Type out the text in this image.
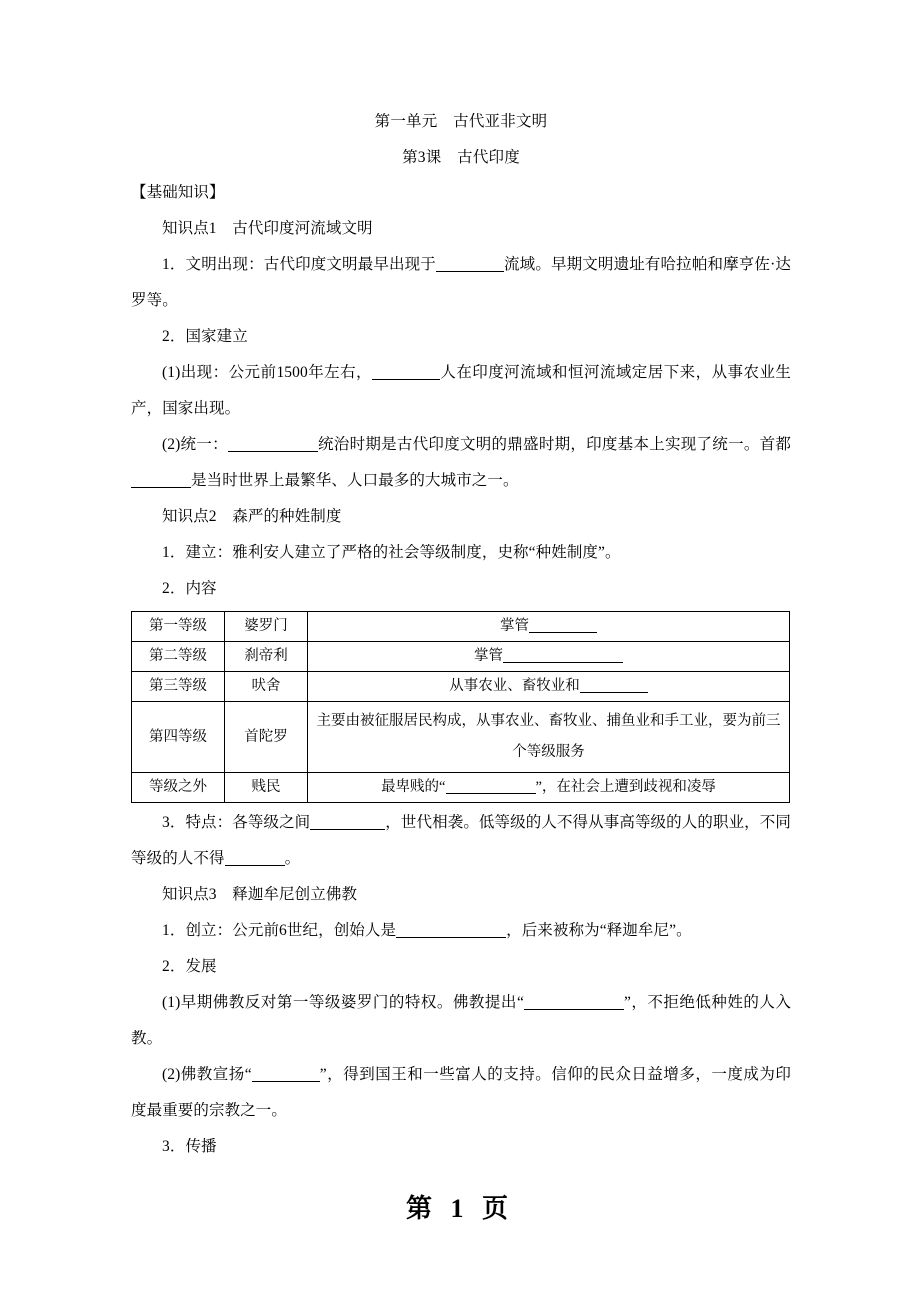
第一单元　古代亚非文明
第3课　古代印度

【基础知识】

知识点1　古代印度河流域文明

1．文明出现：古代印度文明最早出现于	流域。早期文明遗址有哈拉帕和摩亨佐·达罗等。

2．国家建立

(1)出现：公元前1500年左右，	人在印度河流域和恒河流域定居下来，从事农业生产，国家出现。

(2)统一：	统治时期是古代印度文明的鼎盛时期，印度基本上实现了统一。首都是当时世界上最繁华、人口最多的大城市之一。

知识点2　森严的种姓制度

1．建立：雅利安人建立了严格的社会等级制度，史称“种姓制度”。

2．内容

第一等级	婆罗门	掌管
第二等级	刹帝利	掌管
第三等级	吠舍	从事农业、畜牧业和
第四等级	首陀罗	主要由被征服居民构成，从事农业、畜牧业、捕鱼业和手工业，要为前三个等级服务
等级之外	贱民	最卑贱的“ ”，在社会上遭到歧视和凌辱

3．特点：各等级之间	，世代相袭。低等级的人不得从事高等级的人的职业，不同等级的人不得	。

知识点3　释迦牟尼创立佛教

1．创立：公元前6世纪，创始人是	，后来被称为“释迦牟尼”。

2．发展

(1)早期佛教反对第一等级婆罗门的特权。佛教提出“	”，不拒绝低种姓的人入教。

(2)佛教宣扬“	”，得到国王和一些富人的支持。信仰的民众日益增多，一度成为印度最重要的宗教之一。

3．传播

第 1 页
